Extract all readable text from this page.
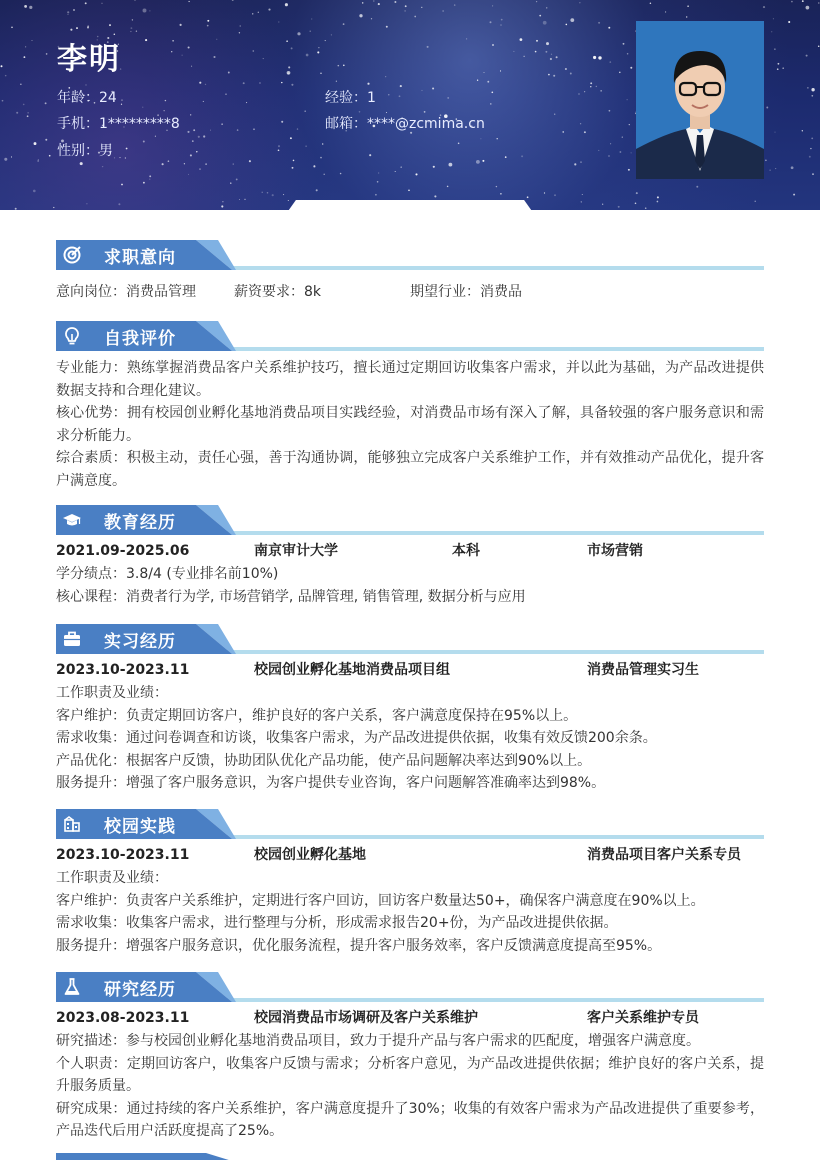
李明
年龄：24	经验：1
手机：1*********8	邮箱：****@zcmima.cn
性别：男
求职意向
意向岗位：消费品管理	薪资要求：8k	期望行业：消费品
自我评价

专业能力：熟练掌握消费品客户关系维护技巧，擅长通过定期回访收集客户需求，并以此为基础，为产品改进提供数据支持和合理化建议。

核心优势：拥有校园创业孵化基地消费品项目实践经验，对消费品市场有深入了解，具备较强的客户服务意识和需求分析能力。

综合素质：积极主动，责任心强，善于沟通协调，能够独立完成客户关系维护工作，并有效推动产品优化，提升客户满意度。

教育经历
2021.09-2025.06	南京审计大学	本科	市场营销

学分绩点：3.8/4 (专业排名前10%)

核心课程：消费者行为学, 市场营销学, 品牌管理, 销售管理, 数据分析与应用

实习经历
2023.10-2023.11	校园创业孵化基地消费品项目组	消费品管理实习生

工作职责及业绩：

客户维护：负责定期回访客户，维护良好的客户关系，客户满意度保持在95%以上。

需求收集：通过问卷调查和访谈，收集客户需求，为产品改进提供依据，收集有效反馈200余条。

产品优化：根据客户反馈，协助团队优化产品功能，使产品问题解决率达到90%以上。

服务提升：增强了客户服务意识，为客户提供专业咨询，客户问题解答准确率达到98%。

校园实践
2023.10-2023.11	校园创业孵化基地	消费品项目客户关系专员

工作职责及业绩：

客户维护：负责客户关系维护，定期进行客户回访，回访客户数量达50+，确保客户满意度在90%以上。

需求收集：收集客户需求，进行整理与分析，形成需求报告20+份，为产品改进提供依据。

服务提升：增强客户服务意识，优化服务流程，提升客户服务效率，客户反馈满意度提高至95%。

研究经历
2023.08-2023.11	校园消费品市场调研及客户关系维护	客户关系维护专员

研究描述：参与校园创业孵化基地消费品项目，致力于提升产品与客户需求的匹配度，增强客户满意度。

个人职责：定期回访客户，收集客户反馈与需求；分析客户意见，为产品改进提供依据；维护良好的客户关系，提升服务质量。

研究成果：通过持续的客户关系维护，客户满意度提升了30%；收集的有效客户需求为产品改进提供了重要参考，产品迭代后用户活跃度提高了25%。
